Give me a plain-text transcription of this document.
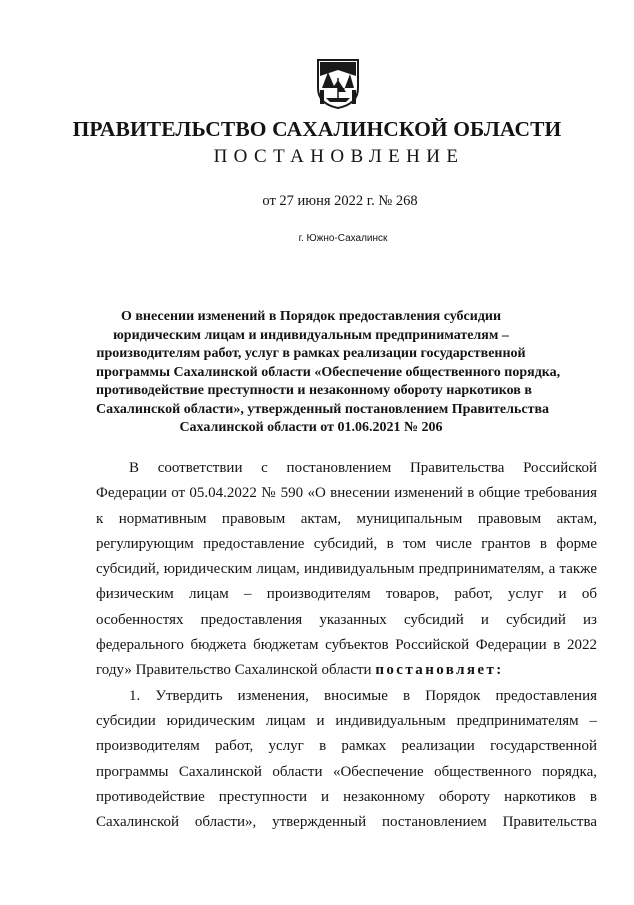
ПРАВИТЕЛЬСТВО САХАЛИНСКОЙ ОБЛАСТИ
ПОСТАНОВЛЕНИЕ
от 27 июня 2022 г. № 268
г. Южно-Сахалинск
О внесении изменений в Порядок предоставления субсидии
юридическим лицам и индивидуальным предпринимателям –
производителям работ, услуг в рамках реализации государственной
программы Сахалинской области «Обеспечение общественного порядка,
противодействие преступности и незаконному обороту наркотиков в
Сахалинской области», утвержденный постановлением Правительства
Сахалинской области от 01.06.2021 № 206
В соответствии с постановлением Правительства Российской
Федерации от 05.04.2022 № 590 «О внесении изменений в общие требования
к нормативным правовым актам, муниципальным правовым актам,
регулирующим предоставление субсидий, в том числе грантов в форме
субсидий, юридическим лицам, индивидуальным предпринимателям, а также
физическим лицам – производителям товаров, работ, услуг и об
особенностях предоставления указанных субсидий и субсидий из
федерального бюджета бюджетам субъектов Российской Федерации в 2022
году» Правительство Сахалинской области постановляет:
1. Утвердить изменения, вносимые в Порядок предоставления
субсидии юридическим лицам и индивидуальным предпринимателям –
производителям работ, услуг в рамках реализации государственной
программы Сахалинской области «Обеспечение общественного порядка,
противодействие преступности и незаконному обороту наркотиков в
Сахалинской области», утвержденный постановлением Правительства
